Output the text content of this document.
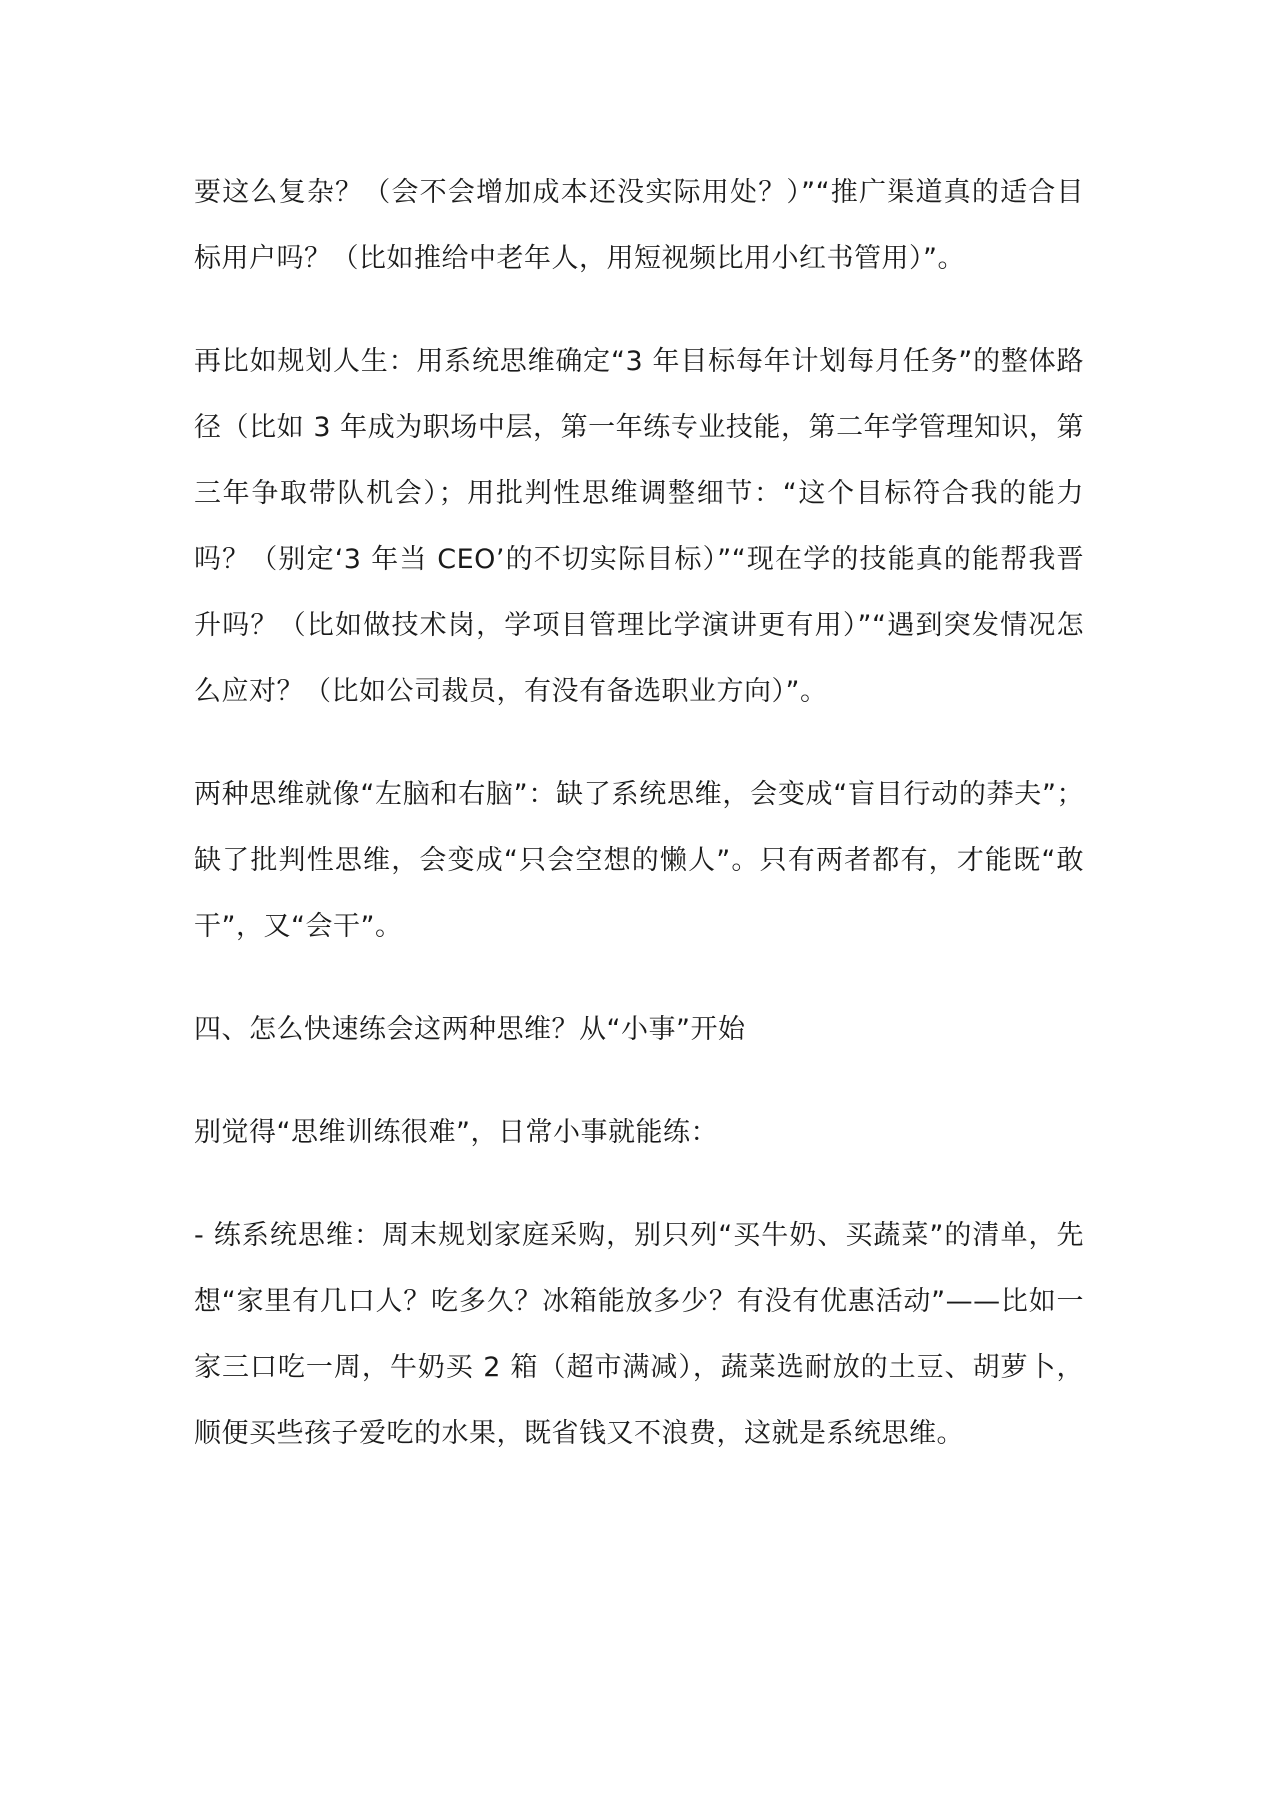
要这么复杂？（会不会增加成本还没实际用处？）”“推广渠道真的适合目标用户吗？（比如推给中老年人，用短视频比用小红书管用）”。

再比如规划人生：用系统思维确定“3 年目标每年计划每月任务”的整体路径（比如 3 年成为职场中层，第一年练专业技能，第二年学管理知识，第三年争取带队机会）；用批判性思维调整细节：“这个目标符合我的能力吗？（别定‘3 年当 CEO’的不切实际目标）”“现在学的技能真的能帮我晋升吗？（比如做技术岗，学项目管理比学演讲更有用）”“遇到突发情况怎么应对？（比如公司裁员，有没有备选职业方向）”。

两种思维就像“左脑和右脑”：缺了系统思维，会变成“盲目行动的莽夫”；缺了批判性思维，会变成“只会空想的懒人”。只有两者都有，才能既“敢干”，又“会干”。

四、怎么快速练会这两种思维？从“小事”开始

别觉得“思维训练很难”，日常小事就能练：

- 练系统思维：周末规划家庭采购，别只列“买牛奶、买蔬菜”的清单，先想“家里有几口人？吃多久？冰箱能放多少？有没有优惠活动”——比如一家三口吃一周，牛奶买 2 箱（超市满减），蔬菜选耐放的土豆、胡萝卜，顺便买些孩子爱吃的水果，既省钱又不浪费，这就是系统思维。
